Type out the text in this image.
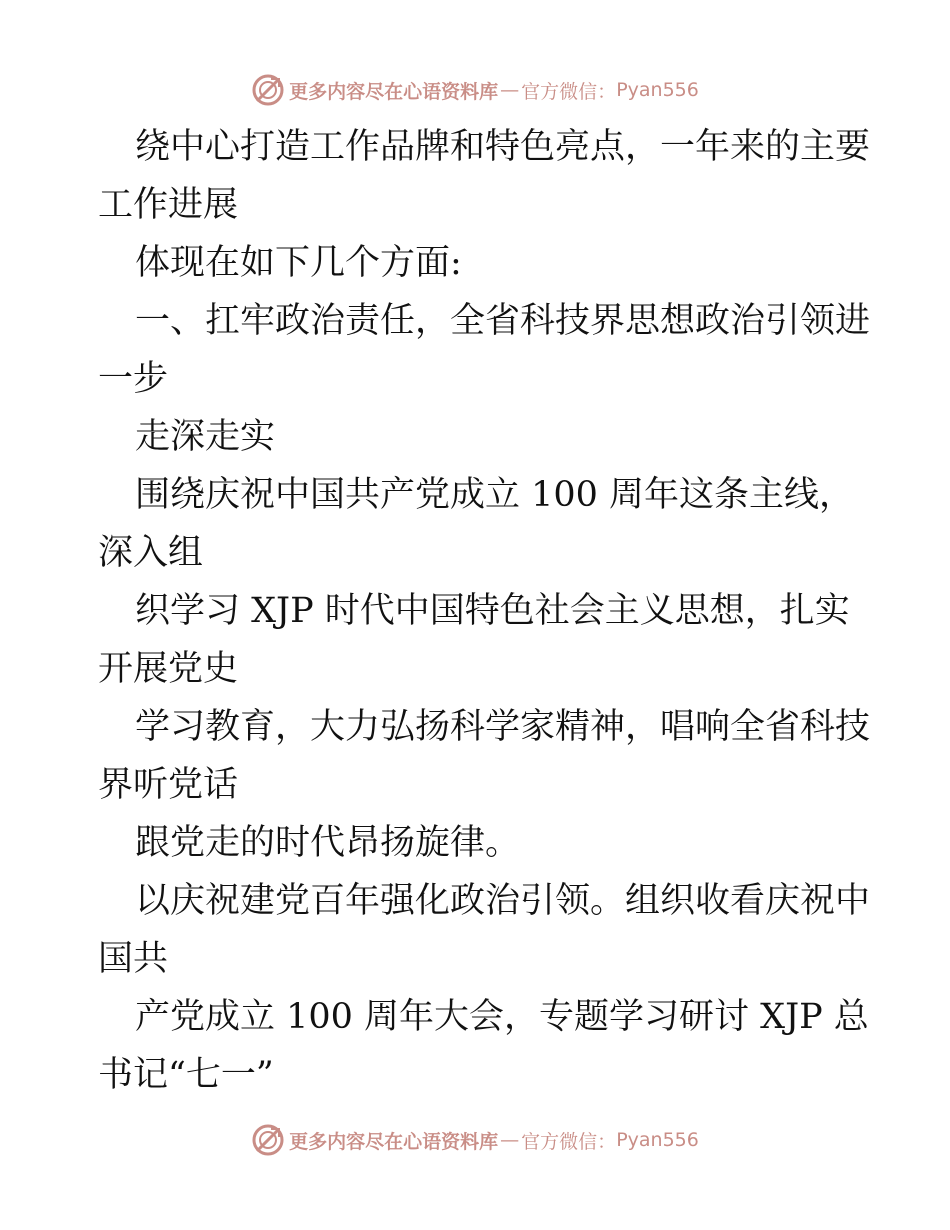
更多内容尽在心语资料库 — 官方微信： Pyan556
绕中心打造工作品牌和特色亮点，一年来的主要
工作进展
体现在如下几个方面:
一、扛牢政治责任，全省科技界思想政治引领进
一步
走深走实
围绕庆祝中国共产党成立 100 周年这条主线，
深入组
织学习 XJP 时代中国特色社会主义思想，扎实
开展党史
学习教育，大力弘扬科学家精神，唱响全省科技
界听党话
跟党走的时代昂扬旋律。
以庆祝建党百年强化政治引领。组织收看庆祝中
国共
产党成立 100 周年大会，专题学习研讨 XJP 总
书记“七一”
更多内容尽在心语资料库 — 官方微信： Pyan556
